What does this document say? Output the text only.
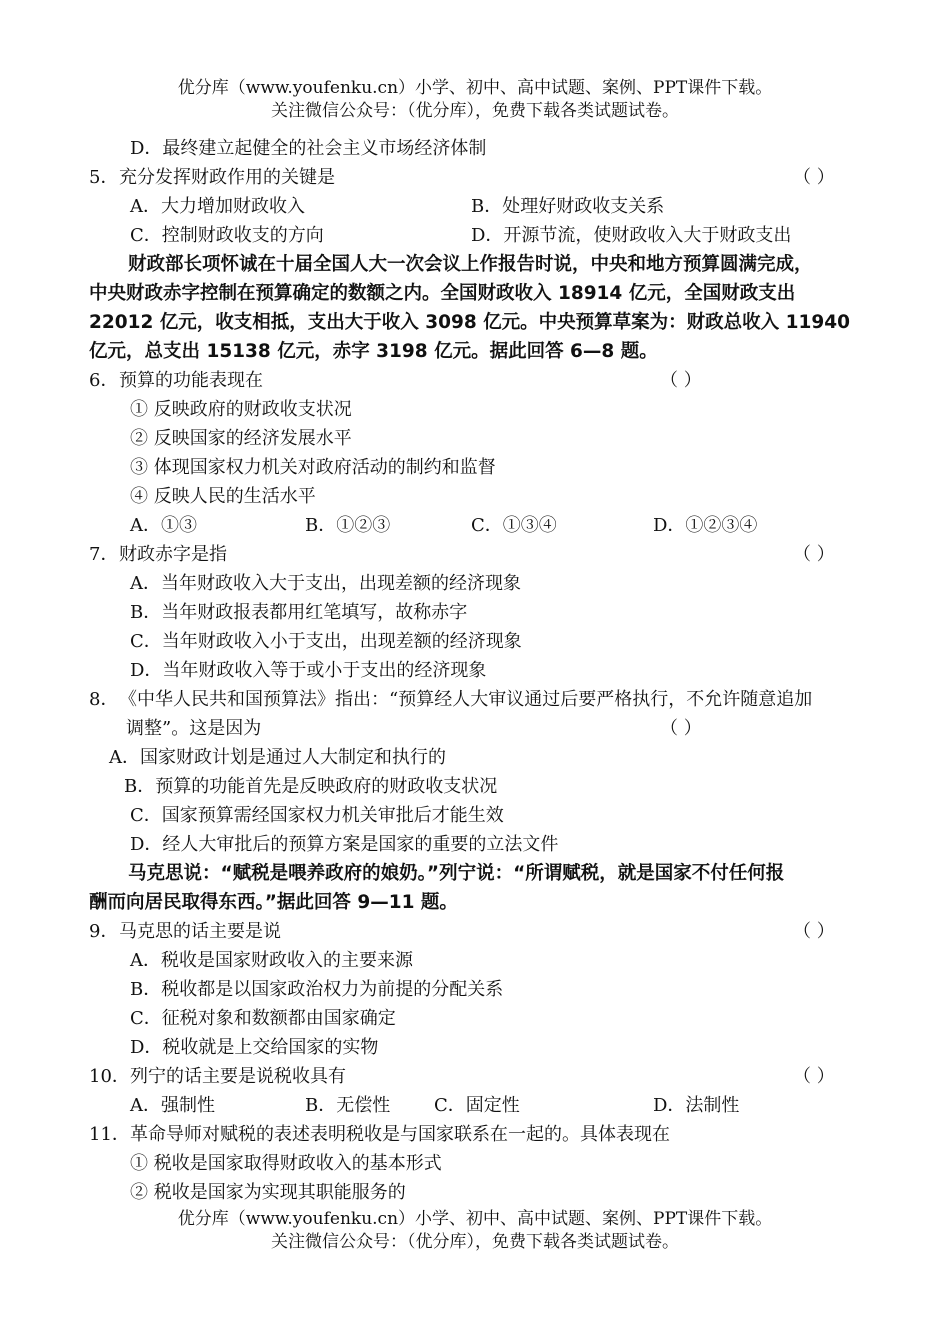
优分库（www.youfenku.cn）小学、初中、高中试题、案例、PPT课件下载。
关注微信公众号：（优分库），免费下载各类试题试卷。
D．最终建立起健全的社会主义市场经济体制
5． 充分发挥财政作用的关键是	（ ）
A．大力增加财政收入	B．处理好财政收支关系
C．控制财政收支的方向	D．开源节流，使财政收入大于财政支出
财政部长项怀诚在十届全国人大一次会议上作报告时说，中央和地方预算圆满完成，
中央财政赤字控制在预算确定的数额之内。全国财政收入 18914 亿元，全国财政支出
22012 亿元，收支相抵，支出大于收入 3098 亿元。中央预算草案为：财政总收入 11940
亿元，总支出 15138 亿元，赤字 3198 亿元。据此回答 6—8 题。
6． 预算的功能表现在	（ ）
① 反映政府的财政收支状况
② 反映国家的经济发展水平
③ 体现国家权力机关对政府活动的制约和监督
④ 反映人民的生活水平
A．①③	B．①②③	C．①③④	D．①②③④
7． 财政赤字是指	（ ）
A．当年财政收入大于支出，出现差额的经济现象
B．当年财政报表都用红笔填写，故称赤字
C．当年财政收入小于支出，出现差额的经济现象
D．当年财政收入等于或小于支出的经济现象
8． 《中华人民共和国预算法》指出：“预算经人大审议通过后要严格执行，不允许随意追加
调整”。这是因为	（ ）
A．国家财政计划是通过人大制定和执行的
B．预算的功能首先是反映政府的财政收支状况
C．国家预算需经国家权力机关审批后才能生效
D．经人大审批后的预算方案是国家的重要的立法文件
马克思说：“赋税是喂养政府的娘奶。”列宁说：“所谓赋税，就是国家不付任何报
酬而向居民取得东西。”据此回答 9—11 题。
9． 马克思的话主要是说	（ ）
A．税收是国家财政收入的主要来源
B．税收都是以国家政治权力为前提的分配关系
C．征税对象和数额都由国家确定
D．税收就是上交给国家的实物
10． 列宁的话主要是说税收具有	（ ）
A．强制性	B．无偿性 C．固定性	D．法制性
11． 革命导师对赋税的表述表明税收是与国家联系在一起的。具体表现在
① 税收是国家取得财政收入的基本形式
② 税收是国家为实现其职能服务的
优分库（www.youfenku.cn）小学、初中、高中试题、案例、PPT课件下载。
关注微信公众号：（优分库），免费下载各类试题试卷。
